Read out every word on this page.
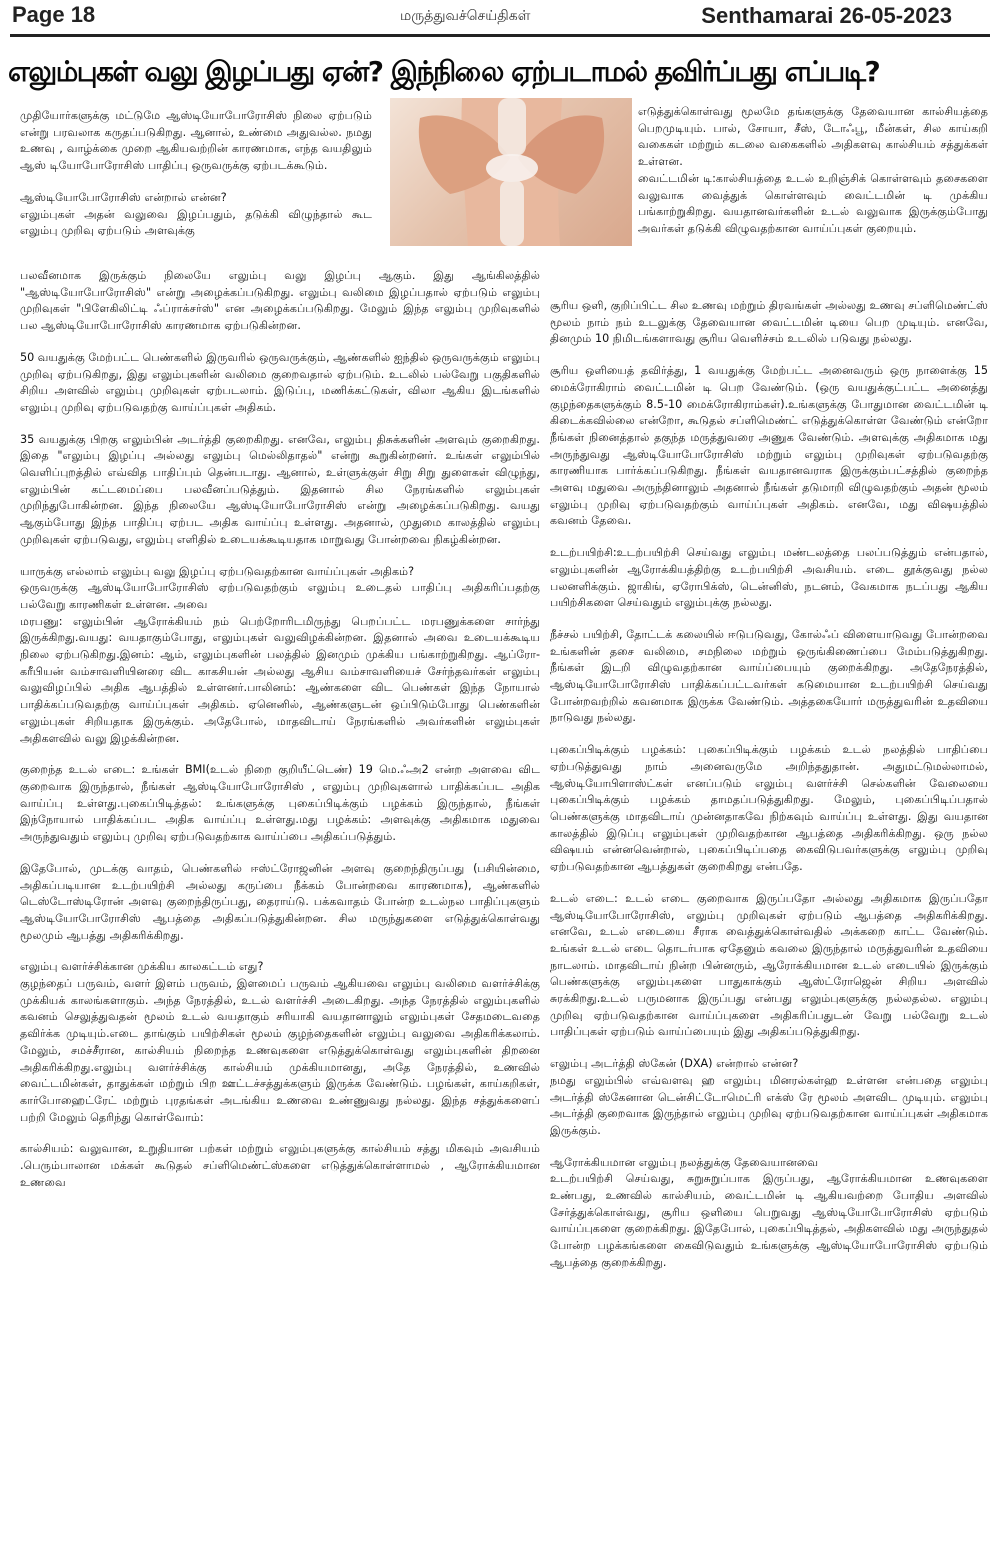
Page 18	மருத்துவச்செய்திகள்	Senthamarai 26-05-2023
எலும்புகள் வலு இழப்பது ஏன்? இந்நிலை ஏற்படாமல் தவிர்ப்பது எப்படி?

முதியோர்களுக்கு மட்டுமே ஆஸ்டியோபோரோசிஸ் நிலை ஏற்படும் என்று பரவலாக கருதப்படுகிறது. ஆனால், உண்மை அதுவல்ல. நமது உணவு , வாழ்க்கை முறை ஆகியவற்றின் காரணமாக, எந்த வயதிலும் ஆஸ் டியோபோரோசிஸ் பாதிப்பு ஒருவருக்கு ஏற்படக்கூடும்.

ஆஸ்டியோபோரோசிஸ் என்றால் என்ன?

எலும்புகள் அதன் வலுவை இழப்பதும், தடுக்கி விழுந்தால் கூட எலும்பு முறிவு ஏற்படும் அளவுக்கு

பலவீனமாக இருக்கும் நிலையே எலும்பு வலு இழப்பு ஆகும். இது ஆங்கிலத்தில் "ஆஸ்டியோபோரோசிஸ்" என்று அழைக்கப்படுகிறது. எலும்பு வலிமை இழப்பதால் ஏற்படும் எலும்பு முறிவுகள் "பிளேகிலிட்டி ஃப்ராக்சர்ஸ்" என அழைக்கப்படுகிறது. மேலும் இந்த எலும்பு முறிவுகளில் பல ஆஸ்டியோபோரோசிஸ் காரணமாக ஏற்படுகின்றன.

50 வயதுக்கு மேற்பட்ட பெண்களில் இருவரில் ஒருவருக்கும், ஆண்களில் ஐந்தில் ஒருவருக்கும் எலும்பு முறிவு ஏற்படுகிறது, இது எலும்புகளின் வலிமை குறைவதால் ஏற்படும். உடலில் பல்வேறு பகுதிகளில் சிறிய அளவில் எலும்பு முறிவுகள் ஏற்படலாம். இடுப்பு, மணிக்கட்டுகள், விலா ஆகிய இடங்களில் எலும்பு முறிவு ஏற்படுவதற்கு வாய்ப்புகள் அதிகம்.

35 வயதுக்கு பிறகு எலும்பின் அடர்த்தி குறைகிறது. எனவே, எலும்பு திசுக்களின் அளவும் குறைகிறது. இதை "எலும்பு இழப்பு அல்லது எலும்பு மெல்லிதாதல்" என்று கூறுகின்றனர். உங்கள் எலும்பில் வெளிப்புறத்தில் எவ்வித பாதிப்பும் தென்படாது. ஆனால், உள்ளுக்குள் சிறு சிறு துளைகள் விழுந்து, எலும்பின் கட்டமைப்பை பலவீனப்படுத்தும். இதனால் சில நேரங்களில் எலும்புகள் முறிந்துபோகின்றன. இந்த நிலையே ஆஸ்டியோபோரோசிஸ் என்று அழைக்கப்படுகிறது. வயது ஆகும்போது இந்த பாதிப்பு ஏற்பட அதிக வாய்ப்பு உள்ளது. அதனால், முதுமை காலத்தில் எலும்பு முறிவுகள் ஏற்படுவது, எலும்பு எளிதில் உடையக்கூடியதாக மாறுவது போன்றவை நிகழ்கின்றன.

யாருக்கு எல்லாம் எலும்பு வலு இழப்பு ஏற்படுவதற்கான வாய்ப்புகள் அதிகம்?

ஒருவருக்கு ஆஸ்டியோபோரோசிஸ் ஏற்படுவதற்கும் எலும்பு உடைதல் பாதிப்பு அதிகரிப்பதற்கு பல்வேறு காரணிகள் உள்ளன. அவை

மரபணு: எலும்பின் ஆரோக்கியம் நம் பெற்றோரிடமிருந்து பெறப்பட்ட மரபணுக்களை சார்ந்து இருக்கிறது.வயது: வயதாகும்போது, எலும்புகள் வலுவிழக்கின்றன. இதனால் அவை உடையக்கூடிய நிலை ஏற்படுகிறது.இனம்: ஆம், எலும்புகளின் பலத்தில் இனமும் முக்கிய பங்காற்றுகிறது. ஆப்ரோ-கரீபியன் வம்சாவளியினரை விட காகசியன் அல்லது ஆசிய வம்சாவளியைச் சேர்ந்தவர்கள் எலும்பு வலுவிழப்பில் அதிக ஆபத்தில் உள்ளனர்.பாலினம்: ஆண்களை விட பெண்கள் இந்த நோயால் பாதிக்கப்படுவதற்கு வாய்ப்புகள் அதிகம். ஏனெனில், ஆண்களுடன் ஒப்பிடும்போது பெண்களின் எலும்புகள் சிறியதாக இருக்கும். அதேபோல், மாதவிடாய் நேரங்களில் அவர்களின் எலும்புகள் அதிகளவில் வலு இழக்கின்றன.

குறைந்த உடல் எடை: உங்கள் BMI(உடல் நிறை குறியீட்டெண்) 19 மெ.ஃஅ2 என்ற அளவை விட குறைவாக இருந்தால், நீங்கள் ஆஸ்டியோபோரோசிஸ் , எலும்பு முறிவுகளால் பாதிக்கப்பட அதிக வாய்ப்பு உள்ளது.புகைப்பிடித்தல்: உங்களுக்கு புகைப்பிடிக்கும் பழக்கம் இருந்தால், நீங்கள் இந்நோயால் பாதிக்கப்பட அதிக வாய்ப்பு உள்ளது.மது பழக்கம்: அளவுக்கு அதிகமாக மதுவை அருந்துவதும் எலும்பு முறிவு ஏற்படுவதற்காக வாய்ப்பை அதிகப்படுத்தும்.

இதேபோல், முடக்கு வாதம், பெண்களில் ஈஸ்ட்ரோஜனின் அளவு குறைந்திருப்பது (பசியின்மை, அதிகப்படியான உடற்பயிற்சி அல்லது கருப்பை நீக்கம் போன்றவை காரணமாக), ஆண்களில் டெஸ்டோஸ்டிரோன் அளவு குறைந்திருப்பது, தைராய்டு. பக்கவாதம் போன்ற உடல்நல பாதிப்புகளும் ஆஸ்டியோபோரோசிஸ் ஆபத்தை அதிகப்படுத்துகின்றன. சில மருந்துகளை எடுத்துக்கொள்வது மூலமும் ஆபத்து அதிகரிக்கிறது.

எலும்பு வளர்ச்சிக்கான முக்கிய காலகட்டம் எது?

குழந்தைப் பருவம், வளர் இளம் பருவம், இளமைப் பருவம் ஆகியவை எலும்பு வலிமை வளர்ச்சிக்கு முக்கியக் காலங்களாகும். அந்த நேரத்தில், உடல் வளர்ச்சி அடைகிறது. அந்த நேரத்தில் எலும்புகளில் கவனம் செலுத்துவதன் மூலம் உடல் வயதாகும் சரியாகி வயதானாலும் எலும்புகள் சேதமடைவதை தவிர்க்க முடியும்.எடை தாங்கும் பயிற்சிகள் மூலம் குழந்தைகளின் எலும்பு வலுவை அதிகரிக்கலாம். மேலும், சமச்சீரான, கால்சியம் நிறைந்த உணவுகளை எடுத்துக்கொள்வது எலும்புகளின் திறனை அதிகரிக்கிறது.எலும்பு வளர்ச்சிக்கு கால்சியம் முக்கியமானது, அதே நேரத்தில், உணவில் வைட்டமின்கள், தாதுக்கள் மற்றும் பிற ஊட்டச்சத்துக்களும் இருக்க வேண்டும். பழங்கள், காய்கறிகள், கார்போஹைட்ரேட் மற்றும் புரதங்கள் அடங்கிய உணவை உண்ணுவது நல்லது. இந்த சத்துக்களைப் பற்றி மேலும் தெரிந்து கொள்வோம்:

கால்சியம்: வலுவான, உறுதியான பற்கள் மற்றும் எலும்புகளுக்கு கால்சியம் சத்து மிகவும் அவசியம் .பெரும்பாலான மக்கள் கூடுதல் சப்ளிமெண்ட்ஸ்களை எடுத்துக்கொள்ளாமல் , ஆரோக்கியமான உணவை

எடுத்துக்கொள்வது மூலமே தங்களுக்கு தேவையான கால்சியத்தை பெறமுடியும். பால், சோயா, சீஸ், டோஃபூ, மீன்கள், சில காய்கறி வகைகள் மற்றும் கடலை வகைகளில் அதிகளவு கால்சியம் சத்துக்கள் உள்ளன.

வைட்டமின் டி:கால்சியத்தை உடல் உறிஞ்சிக் கொள்ளவும் தசைகளை வலுவாக வைத்துக் கொள்ளவும் வைட்டமின் டி முக்கிய பங்காற்றுகிறது. வயதானவர்களின் உடல் வலுவாக இருக்கும்போது அவர்கள் தடுக்கி விழுவதற்கான வாய்ப்புகள் குறையும்.

சூரிய ஒளி, குறிப்பிட்ட சில உணவு மற்றும் திரவங்கள் அல்லது உணவு சப்ளிமெண்ட்ஸ் மூலம் நாம் நம் உடலுக்கு தேவையான வைட்டமின் டியை பெற முடியும். எனவே, தினமும் 10 நிமிடங்களாவது சூரிய வெளிச்சம் உடலில் படுவது நல்லது.

சூரிய ஒளியைத் தவிர்த்து, 1 வயதுக்கு மேற்பட்ட அனைவரும் ஒரு நாளைக்கு 15 மைக்ரோகிராம் வைட்டமின் டி பெற வேண்டும். (ஒரு வயதுக்குட்பட்ட அனைத்து குழந்தைகளுக்கும் 8.5-10 மைக்ரோகிராம்கள்).உங்களுக்கு போதுமான வைட்டமின் டி கிடைக்கவில்லை என்றோ, கூடுதல் சப்ளிமெண்ட் எடுத்துக்கொள்ள வேண்டும் என்றோ நீங்கள் நினைத்தால் தகுந்த மருத்துவரை அணுக வேண்டும். அளவுக்கு அதிகமாக மது அருந்துவது ஆஸ்டியோபோரோசிஸ் மற்றும் எலும்பு முறிவுகள் ஏற்படுவதற்கு காரணியாக பார்க்கப்படுகிறது. நீங்கள் வயதானவராக இருக்கும்பட்சத்தில் குறைந்த அளவு மதுவை அருந்தினாலும் அதனால் நீங்கள் தடுமாறி விழுவதற்கும் அதன் மூலம் எலும்பு முறிவு ஏற்படுவதற்கும் வாய்ப்புகள் அதிகம். எனவே, மது விஷயத்தில் கவனம் தேவை.

உடற்பயிற்சி:உடற்பயிற்சி செய்வது எலும்பு மண்டலத்தை பலப்படுத்தும் என்பதால், எலும்புகளின் ஆரோக்கியத்திற்கு உடற்பயிற்சி அவசியம். எடை தூக்குவது நல்ல பலனளிக்கும். ஜாகிங், ஏரோபிக்ஸ், டென்னிஸ், நடனம், வேகமாக நடப்பது ஆகிய பயிற்சிகளை செய்வதும் எலும்புக்கு நல்லது.

நீச்சல் பயிற்சி, தோட்டக் கலையில் ஈடுபடுவது, கோல்ஃப் விளையாடுவது போன்றவை உங்களின் தசை வலிமை, சமநிலை மற்றும் ஒருங்கிணைப்பை மேம்படுத்துகிறது. நீங்கள் இடறி விழுவதற்கான வாய்ப்பையும் குறைக்கிறது. அதேநேரத்தில், ஆஸ்டியோபோரோசிஸ் பாதிக்கப்பட்டவர்கள் கடுமையான உடற்பயிற்சி செய்வது போன்றவற்றில் கவனமாக இருக்க வேண்டும். அத்தகையோர் மருத்துவரின் உதவியை நாடுவது நல்லது.

புகைப்பிடிக்கும் பழக்கம்: புகைப்பிடிக்கும் பழக்கம் உடல் நலத்தில் பாதிப்பை ஏற்படுத்துவது நாம் அனைவருமே அறிந்ததுதான். அதுமட்டுமல்லாமல், ஆஸ்டியோபிளாஸ்ட்கள் எனப்படும் எலும்பு வளர்ச்சி செல்களின் வேலையை புகைப்பிடிக்கும் பழக்கம் தாமதப்படுத்துகிறது. மேலும், புகைப்பிடிப்பதால் பெண்களுக்கு மாதவிடாய் முன்னதாகவே நிற்கவும் வாய்ப்பு உள்ளது. இது வயதான காலத்தில் இடுப்பு எலும்புகள் முறிவதற்கான ஆபத்தை அதிகரிக்கிறது. ஒரு நல்ல விஷயம் என்னவென்றால், புகைப்பிடிப்பதை கைவிடுபவர்களுக்கு எலும்பு முறிவு ஏற்படுவதற்கான ஆபத்துகள் குறைகிறது என்பதே.

உடல் எடை: உடல் எடை குறைவாக இருப்பதோ அல்லது அதிகமாக இருப்பதோ ஆஸ்டியோபோரோசிஸ், எலும்பு முறிவுகள் ஏற்படும் ஆபத்தை அதிகரிக்கிறது. எனவே, உடல் எடையை சீராக வைத்துக்கொள்வதில் அக்கறை காட்ட வேண்டும். உங்கள் உடல் எடை தொடர்பாக ஏதேனும் கவலை இருந்தால் மருத்துவரின் உதவியை நாடலாம். மாதவிடாய் நின்ற பின்னரும், ஆரோக்கியமான உடல் எடையில் இருக்கும் பெண்களுக்கு எலும்புகளை பாதுகாக்கும் ஆஸ்ட்ரோஜென் சிறிய அளவில் சுரக்கிறது.உடல் பருமனாக இருப்பது என்பது எலும்புகளுக்கு நல்லதல்ல. எலும்பு முறிவு ஏற்படுவதற்கான வாய்ப்புகளை அதிகரிப்பதுடன் வேறு பல்வேறு உடல் பாதிப்புகள் ஏற்படும் வாய்ப்பையும் இது அதிகப்படுத்துகிறது.

எலும்பு அடர்த்தி ஸ்கேன் (DXA) என்றால் என்ன?

நமது எலும்பில் எவ்வளவு ஹ எலும்பு மினரல்கள்ஹ உள்ளன என்பதை எலும்பு அடர்த்தி ஸ்கேனான டென்சிட்டோமெட்ரி எக்ஸ் ரே மூலம் அளவிட முடியும். எலும்பு அடர்த்தி குறைவாக இருந்தால் எலும்பு முறிவு ஏற்படுவதற்கான வாய்ப்புகள் அதிகமாக இருக்கும்.

ஆரோக்கியமான எலும்பு நலத்துக்கு தேவையானவை

உடற்பயிற்சி செய்வது, சுறுசுறுப்பாக இருப்பது, ஆரோக்கியமான உணவுகளை உண்பது, உணவில் கால்சியம், வைட்டமின் டி ஆகியவற்றை போதிய அளவில் சேர்த்துக்கொள்வது, சூரிய ஒளியை பெறுவது ஆஸ்டியோபோரோசிஸ் ஏற்படும் வாய்ப்புகளை குறைக்கிறது. இதேபோல், புகைப்பிடித்தல், அதிகளவில் மது அருந்துதல் போன்ற பழக்கங்களை கைவிடுவதும் உங்களுக்கு ஆஸ்டியோபோரோசிஸ் ஏற்படும் ஆபத்தை குறைக்கிறது.
